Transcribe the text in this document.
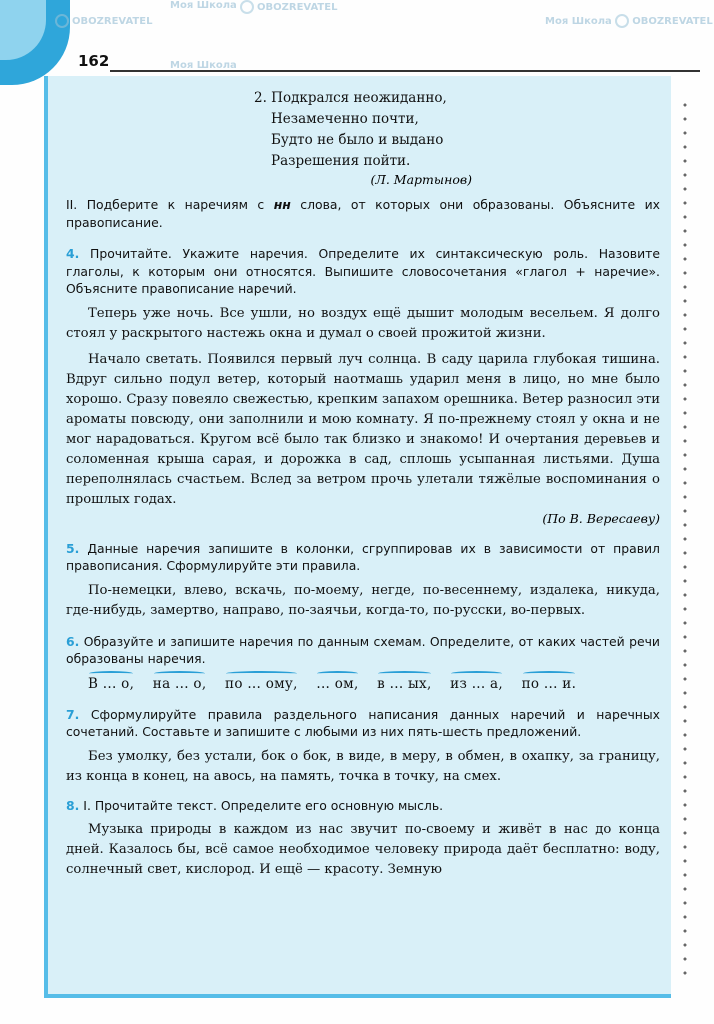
162
Моя Школа	OBOZREVATEL
Моя Школа OBOZREVATEL
OBOZREVATEL
Моя Школа
2. Подкрался неожиданно,
Незамеченно почти,
Будто не было и выдано
Разрешения пойти.
(Л. Мартынов)
II. Подберите к наречиям с нн слова, от которых они образованы. Объясните их правописание.
4. Прочитайте. Укажите наречия. Определите их синтаксическую роль. Назовите глаголы, к которым они относятся. Выпишите словосочетания «глагол + наречие». Объясните правописание наречий.
Теперь уже ночь. Все ушли, но воздух ещё дышит молодым весельем. Я долго стоял у раскрытого настежь окна и думал о своей прожитой жизни.
Начало светать. Появился первый луч солнца. В саду царила глубокая тишина. Вдруг сильно подул ветер, который наотмашь ударил меня в лицо, но мне было хорошо. Сразу повеяло свежестью, крепким запахом орешника. Ветер разносил эти ароматы повсюду, они заполнили и мою комнату. Я по-прежнему стоял у окна и не мог нарадоваться. Кругом всё было так близко и знакомо! И очертания деревьев и соломенная крыша сарая, и дорожка в сад, сплошь усыпанная листьями. Душа переполнялась счастьем. Вслед за ветром прочь улетали тяжёлые воспоминания о прошлых годах.
(По В. Вересаеву)
5. Данные наречия запишите в колонки, сгруппировав их в зависимости от правил правописания. Сформулируйте эти правила.
По-немецки, влево, вскачь, по-моему, негде, по-весеннему, издалека, никуда, где-нибудь, замертво, направо, по-заячьи, когда-то, по-русски, во-первых.
6. Образуйте и запишите наречия по данным схемам. Определите, от каких частей речи образованы наречия.
В ... о, на ... о, по ... ому, ... ом, в ... ых, из ... а, по ... и.
7. Сформулируйте правила раздельного написания данных наречий и наречных сочетаний. Составьте и запишите с любыми из них пять-шесть предложений.
Без умолку, без устали, бок о бок, в виде, в меру, в обмен, в охапку, за границу, из конца в конец, на авось, на память, точка в точку, на смех.
8. I. Прочитайте текст. Определите его основную мысль.
Музыка природы в каждом из нас звучит по-своему и живёт в нас до конца дней. Казалось бы, всё самое необходимое человеку природа даёт бесплатно: воду, солнечный свет, кислород. И ещё — красоту. Земную
